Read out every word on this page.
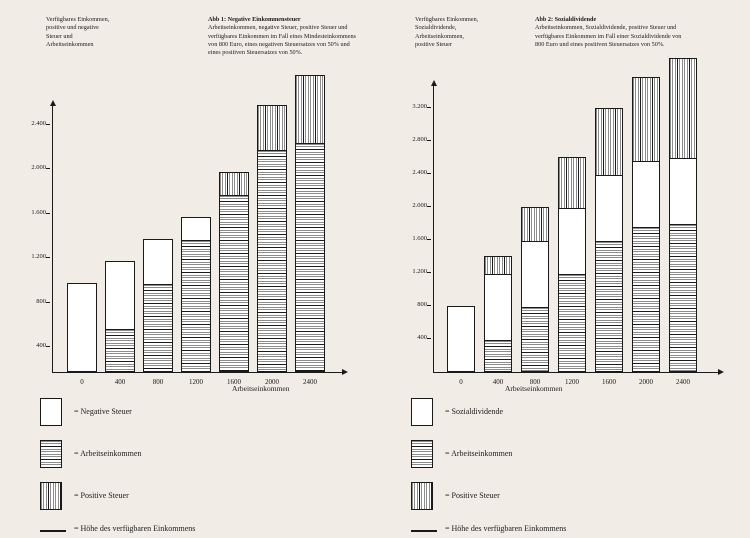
Verfügbares Einkommen,
positive und negative
Steuer und
Arbeitseinkommen
Abb 1: Negative Einkommensteuer
Arbeitseinkommen, negative Steuer, positive Steuer und verfügbares Einkommen im Fall eines Mindesteinkommens von 800 Euro, eines negativen Steuersatzes von 50% und eines positiven Steuersatzes von 50%.
2.400
2.000
1.600
1.200
800
400
0	400	800	1200	1600	2000	2400
Arbeitseinkommen
= Negative Steuer
= Arbeitseinkommen
= Positive Steuer
= Höhe des verfügbaren Einkommens
Verfügbares Einkommen,
Sozialdividende,
Arbeitseinkommen,
positive Steuer
Abb 2: Sozialdividende
Arbeitseinkommen, Sozialdividende, positive Steuer und verfügbares Einkommen im Fall einer Sozialdividende von 800 Euro und eines positiven Steuersatzes von 50%.
3.200
2.800
2.400
2.000
1.600
1.200
800
400
0	400	800	1200	1600	2000	2400
Arbeitseinkommen
= Sozialdividende
= Arbeitseinkommen
= Positive Steuer
= Höhe des verfügbaren Einkommens
